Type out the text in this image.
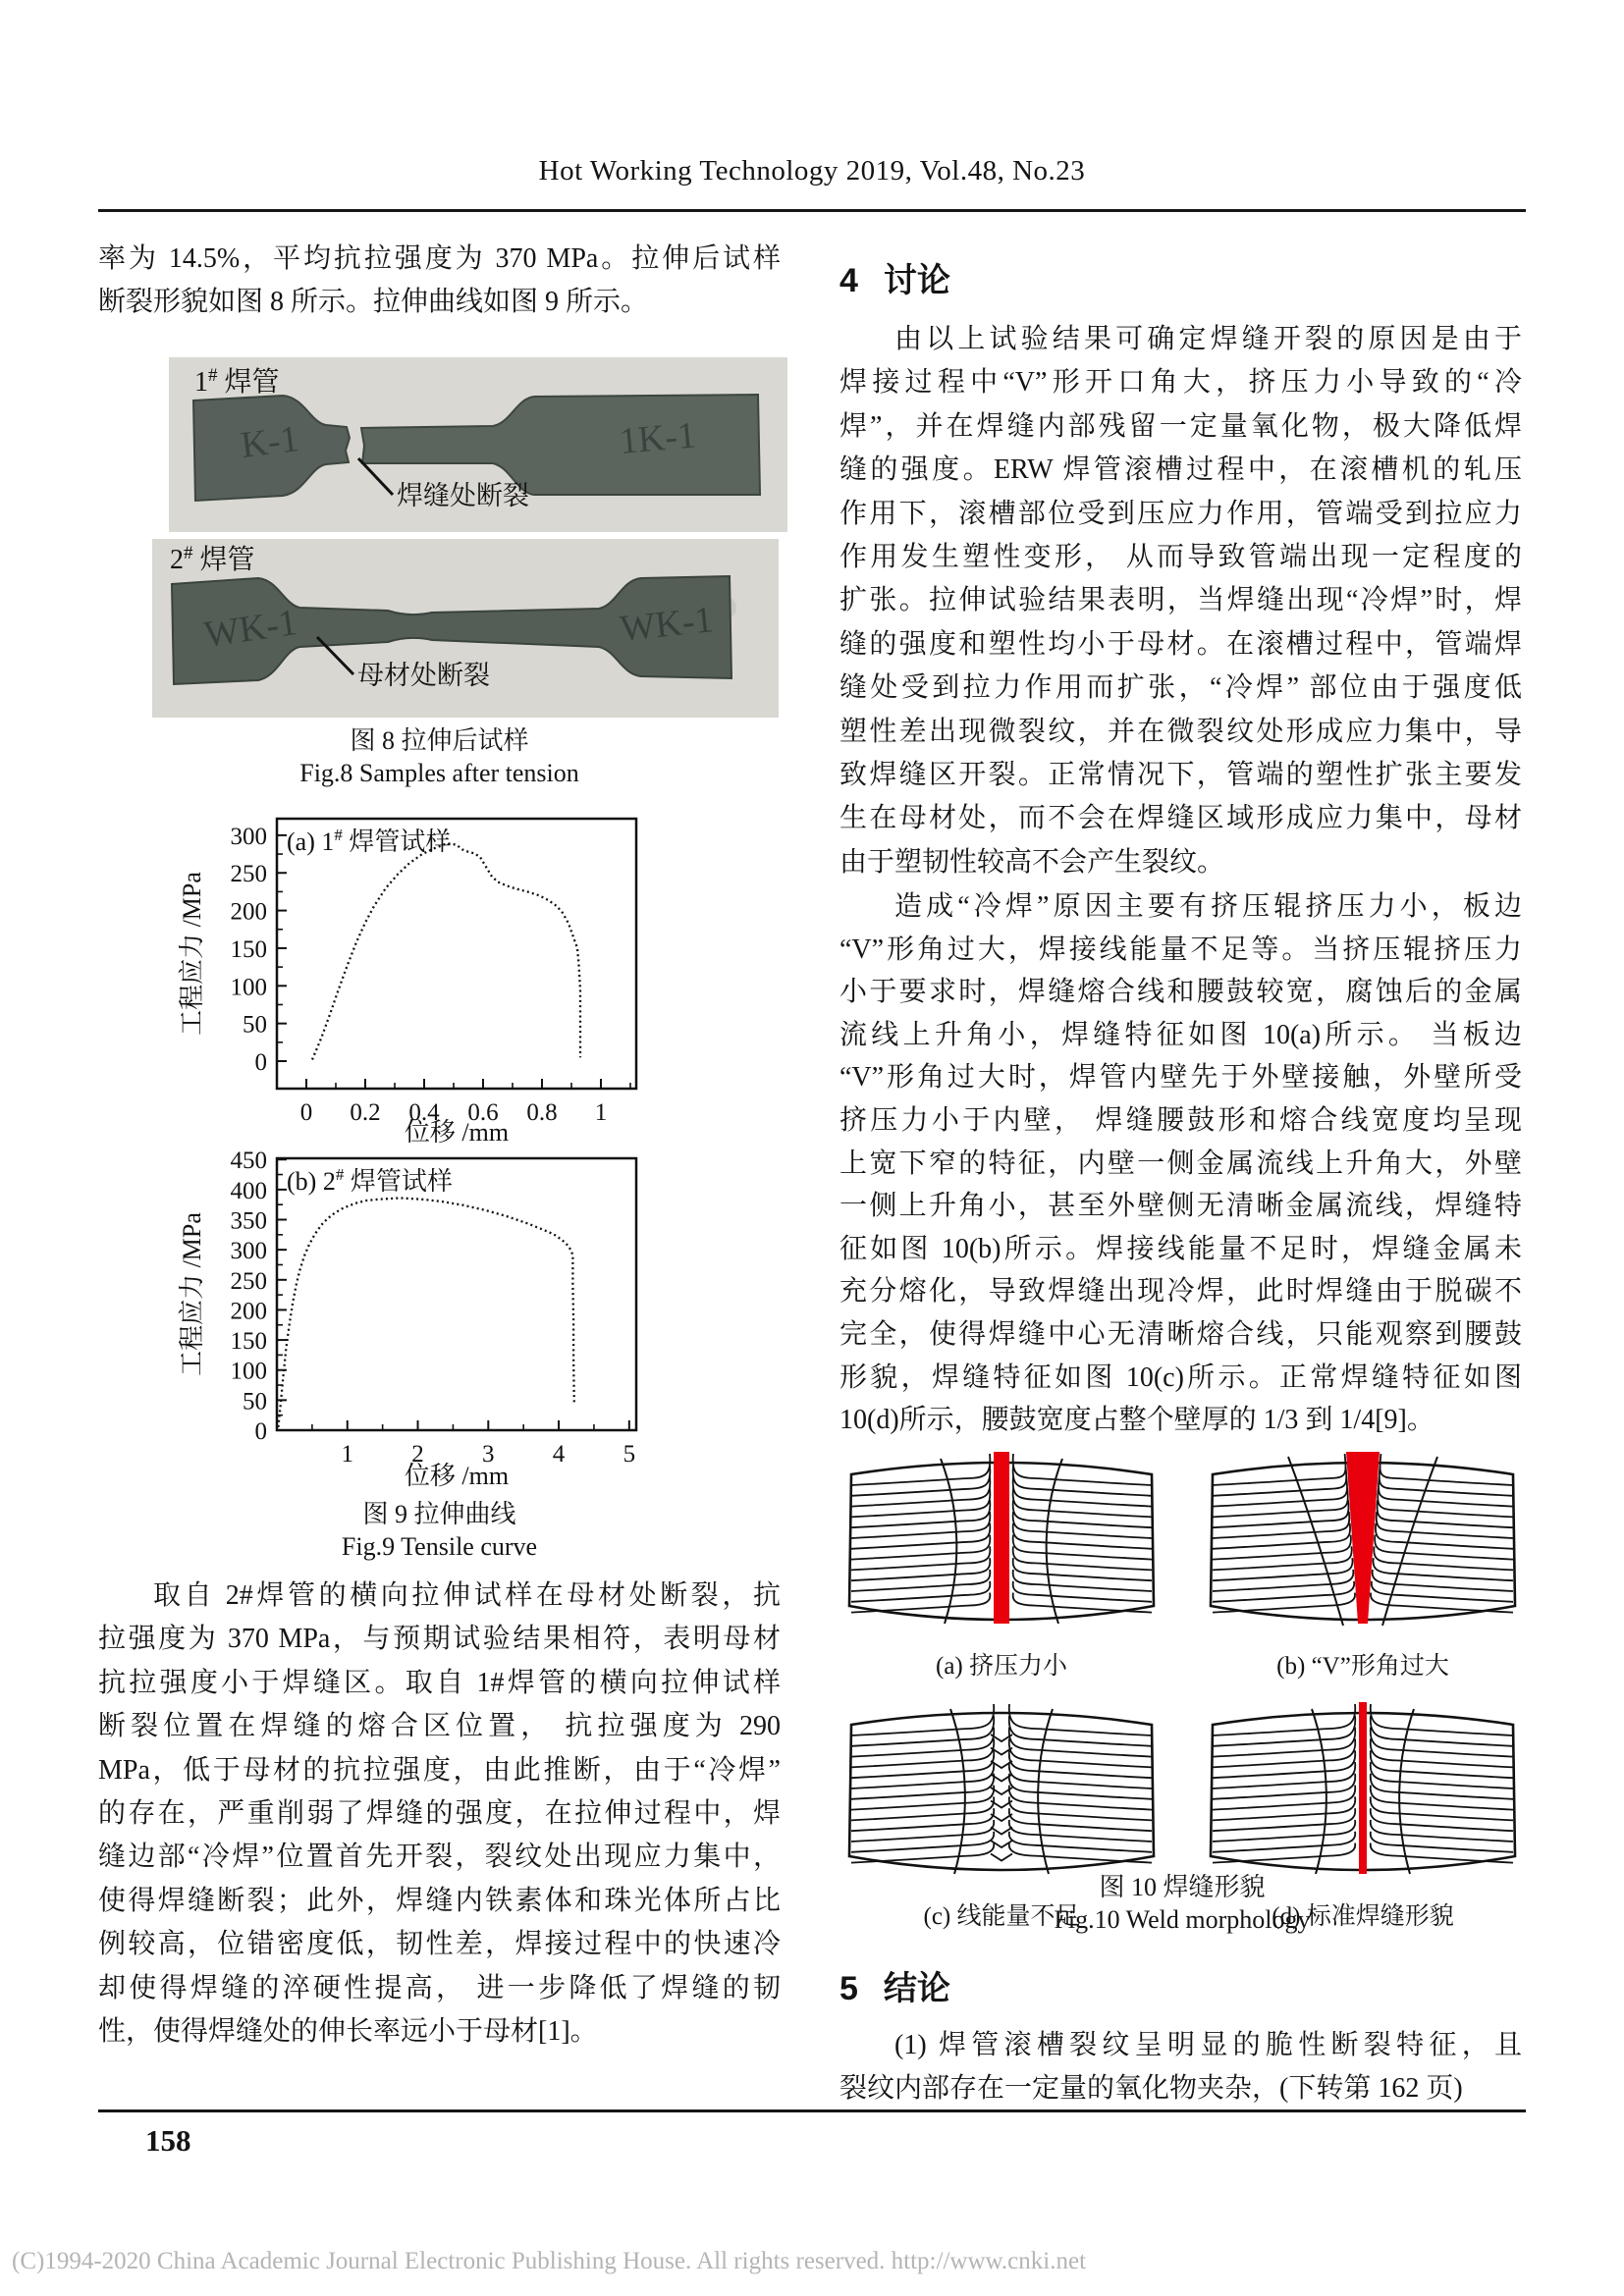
Hot Working Technology 2019, Vol.48, No.23
率为 14.5%，平均抗拉强度为 370 MPa。拉伸后试样
断裂形貌如图 8 所示。拉伸曲线如图 9 所示。
K-1	1K-1
焊缝处断裂
1# 焊管
WK-1	WK-1
母材处断裂
2# 焊管
图 8 拉伸后试样
Fig.8 Samples after tension
0 0.2 0.4 0.6 0.8 1
0
50
100
150
200
250
300 (a) 1# 焊管试样
工程应力 /MPa
位移 /mm
1 2 3 4 5
0
50
100
150
200
250
300
350
400
450
(b) 2# 焊管试样
工程应力 /MPa
位移 /mm
图 9 拉伸曲线
Fig.9 Tensile curve
取自 2#焊管的横向拉伸试样在母材处断裂，抗
拉强度为 370 MPa，与预期试验结果相符，表明母材
抗拉强度小于焊缝区。取自 1#焊管的横向拉伸试样
断裂位置在焊缝的熔合区位置， 抗拉强度为 290
MPa，低于母材的抗拉强度，由此推断，由于“冷焊”
的存在，严重削弱了焊缝的强度，在拉伸过程中，焊
缝边部“冷焊”位置首先开裂，裂纹处出现应力集中，
使得焊缝断裂；此外，焊缝内铁素体和珠光体所占比
例较高，位错密度低，韧性差，焊接过程中的快速冷
却使得焊缝的淬硬性提高， 进一步降低了焊缝的韧
性，使得焊缝处的伸长率远小于母材[1]。
4 讨论
由以上试验结果可确定焊缝开裂的原因是由于
焊接过程中“V”形开口角大，挤压力小导致的“冷
焊”，并在焊缝内部残留一定量氧化物，极大降低焊
缝的强度。ERW 焊管滚槽过程中，在滚槽机的轧压
作用下，滚槽部位受到压应力作用，管端受到拉应力
作用发生塑性变形， 从而导致管端出现一定程度的
扩张。拉伸试验结果表明，当焊缝出现“冷焊”时，焊
缝的强度和塑性均小于母材。在滚槽过程中，管端焊
缝处受到拉力作用而扩张，“冷焊” 部位由于强度低
塑性差出现微裂纹，并在微裂纹处形成应力集中，导
致焊缝区开裂。正常情况下，管端的塑性扩张主要发
生在母材处，而不会在焊缝区域形成应力集中，母材
由于塑韧性较高不会产生裂纹。
造成“冷焊”原因主要有挤压辊挤压力小，板边
“V”形角过大，焊接线能量不足等。当挤压辊挤压力
小于要求时，焊缝熔合线和腰鼓较宽，腐蚀后的金属
流线上升角小，焊缝特征如图 10(a)所示。 当板边
“V”形角过大时，焊管内壁先于外壁接触，外壁所受
挤压力小于内壁， 焊缝腰鼓形和熔合线宽度均呈现
上宽下窄的特征，内壁一侧金属流线上升角大，外壁
一侧上升角小，甚至外壁侧无清晰金属流线，焊缝特
征如图 10(b)所示。焊接线能量不足时，焊缝金属未
充分熔化，导致焊缝出现冷焊，此时焊缝由于脱碳不
完全，使得焊缝中心无清晰熔合线，只能观察到腰鼓
形貌，焊缝特征如图 10(c)所示。正常焊缝特征如图
10(d)所示，腰鼓宽度占整个壁厚的 1/3 到 1/4[9]。
(a) 挤压力小	(b) “V”形角过大
(c) 线能量不足	(d) 标准焊缝形貌
图 10 焊缝形貌
Fig.10 Weld morphology
5 结论
(1) 焊管滚槽裂纹呈明显的脆性断裂特征，且
裂纹内部存在一定量的氧化物夹杂，(下转第 162 页)
158
(C)1994-2020 China Academic Journal Electronic Publishing House. All rights reserved. http://www.cnki.net
